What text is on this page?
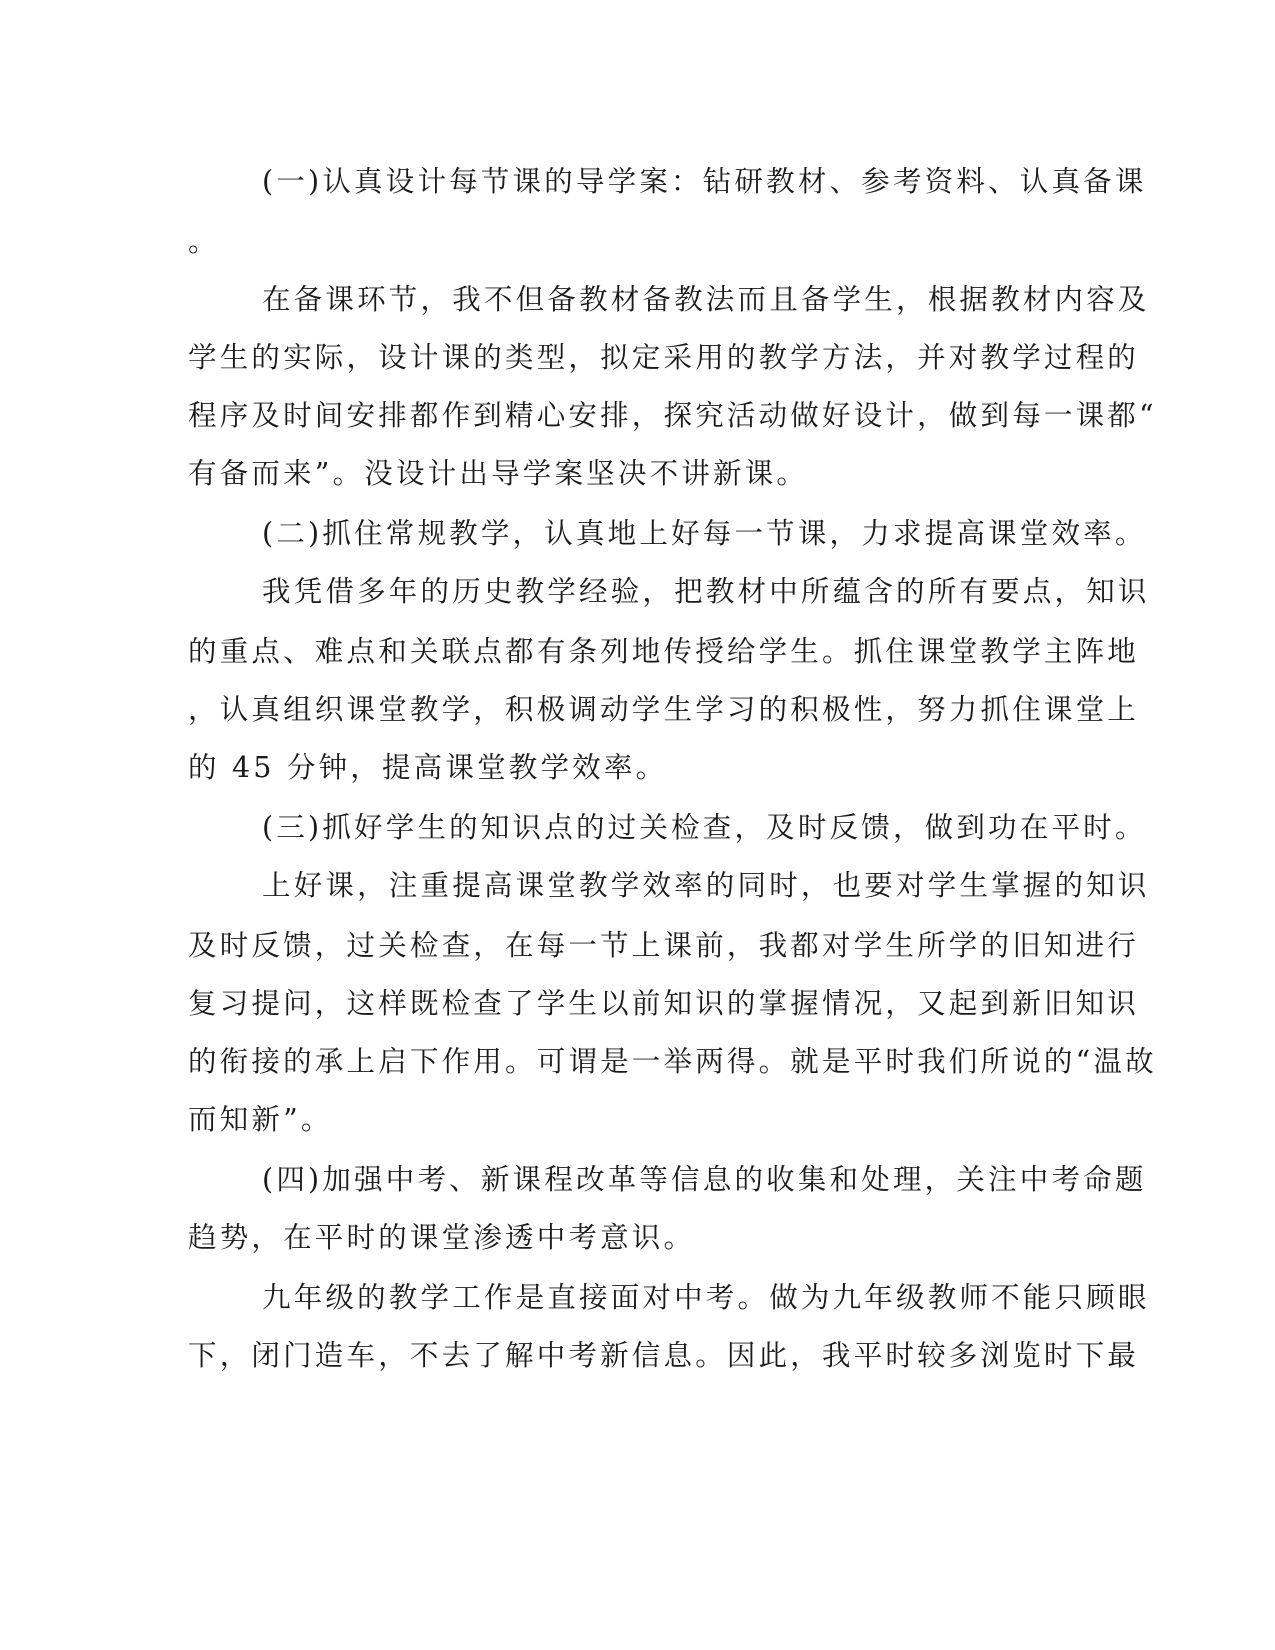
(一)认真设计每节课的导学案：钻研教材、参考资料、认真备课
。
在备课环节，我不但备教材备教法而且备学生，根据教材内容及
学生的实际，设计课的类型，拟定采用的教学方法，并对教学过程的
程序及时间安排都作到精心安排，探究活动做好设计，做到每一课都“
有备而来”。没设计出导学案坚决不讲新课。
(二)抓住常规教学，认真地上好每一节课，力求提高课堂效率。
我凭借多年的历史教学经验，把教材中所蕴含的所有要点，知识
的重点、难点和关联点都有条列地传授给学生。抓住课堂教学主阵地
，认真组织课堂教学，积极调动学生学习的积极性，努力抓住课堂上
的 45 分钟，提高课堂教学效率。
(三)抓好学生的知识点的过关检查，及时反馈，做到功在平时。
上好课，注重提高课堂教学效率的同时，也要对学生掌握的知识
及时反馈，过关检查，在每一节上课前，我都对学生所学的旧知进行
复习提问，这样既检查了学生以前知识的掌握情况，又起到新旧知识
的衔接的承上启下作用。可谓是一举两得。就是平时我们所说的“温故
而知新”。
(四)加强中考、新课程改革等信息的收集和处理，关注中考命题
趋势，在平时的课堂渗透中考意识。
九年级的教学工作是直接面对中考。做为九年级教师不能只顾眼
下，闭门造车，不去了解中考新信息。因此，我平时较多浏览时下最
